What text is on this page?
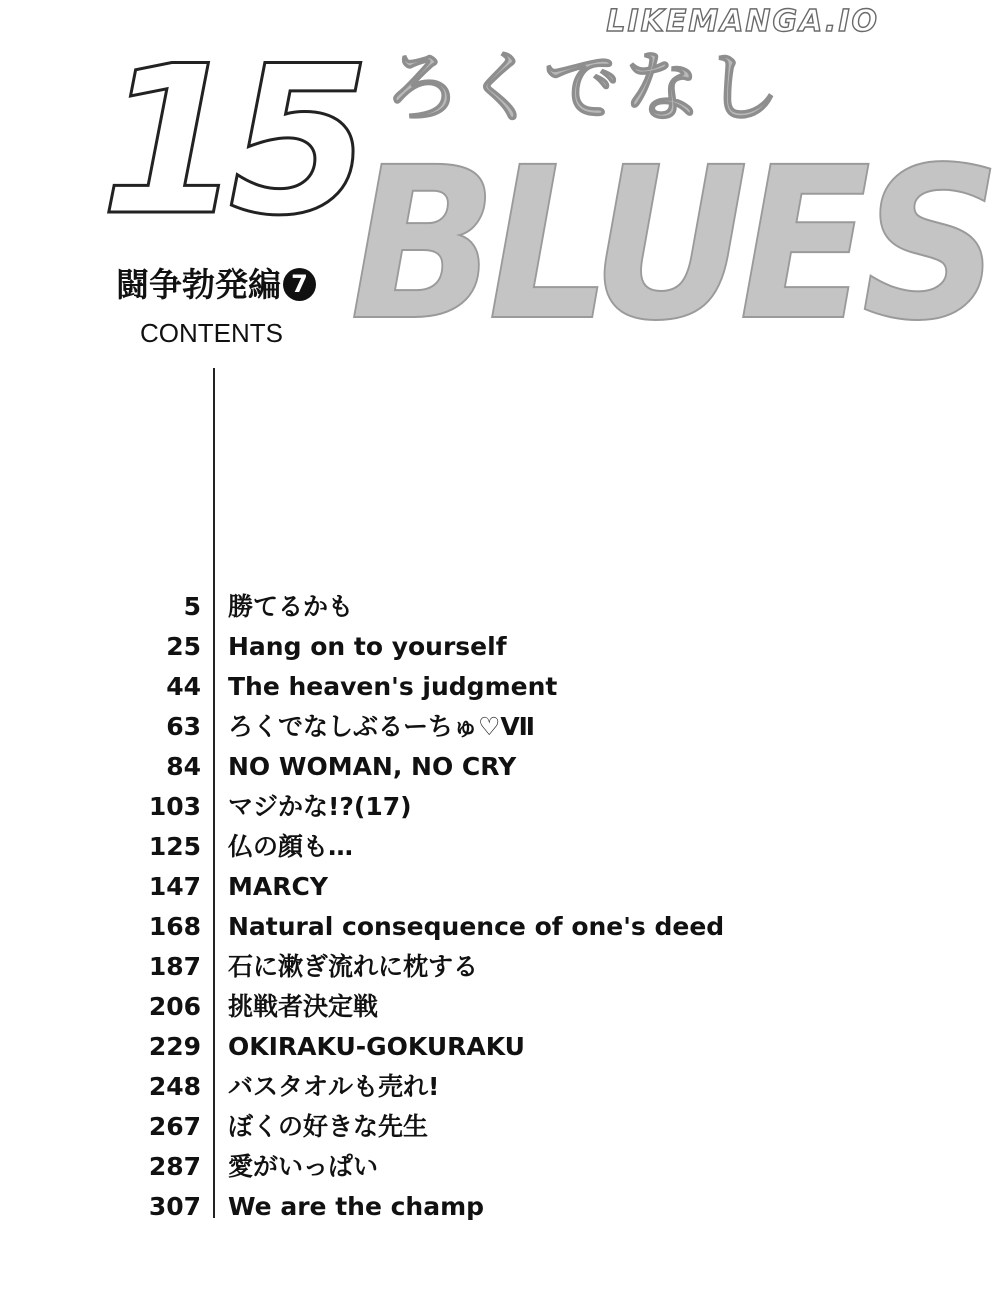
LIKEMANGA.IO
15 ろくでなし
BLUES
闘争勃発編 7
CONTENTS
5 勝てるかも
25 Hang on to yourself
44 The heaven's judgment
63 ろくでなしぶるーちゅ♡Ⅶ
84 NO WOMAN, NO CRY
103 マジかな!?(17)
125 仏の顔も…
147 MARCY
168 Natural consequence of one's deed
187 石に漱ぎ流れに枕する
206 挑戦者決定戦
229 OKIRAKU-GOKURAKU
248 バスタオルも売れ!
267 ぼくの好きな先生
287 愛がいっぱい
307 We are the champ
